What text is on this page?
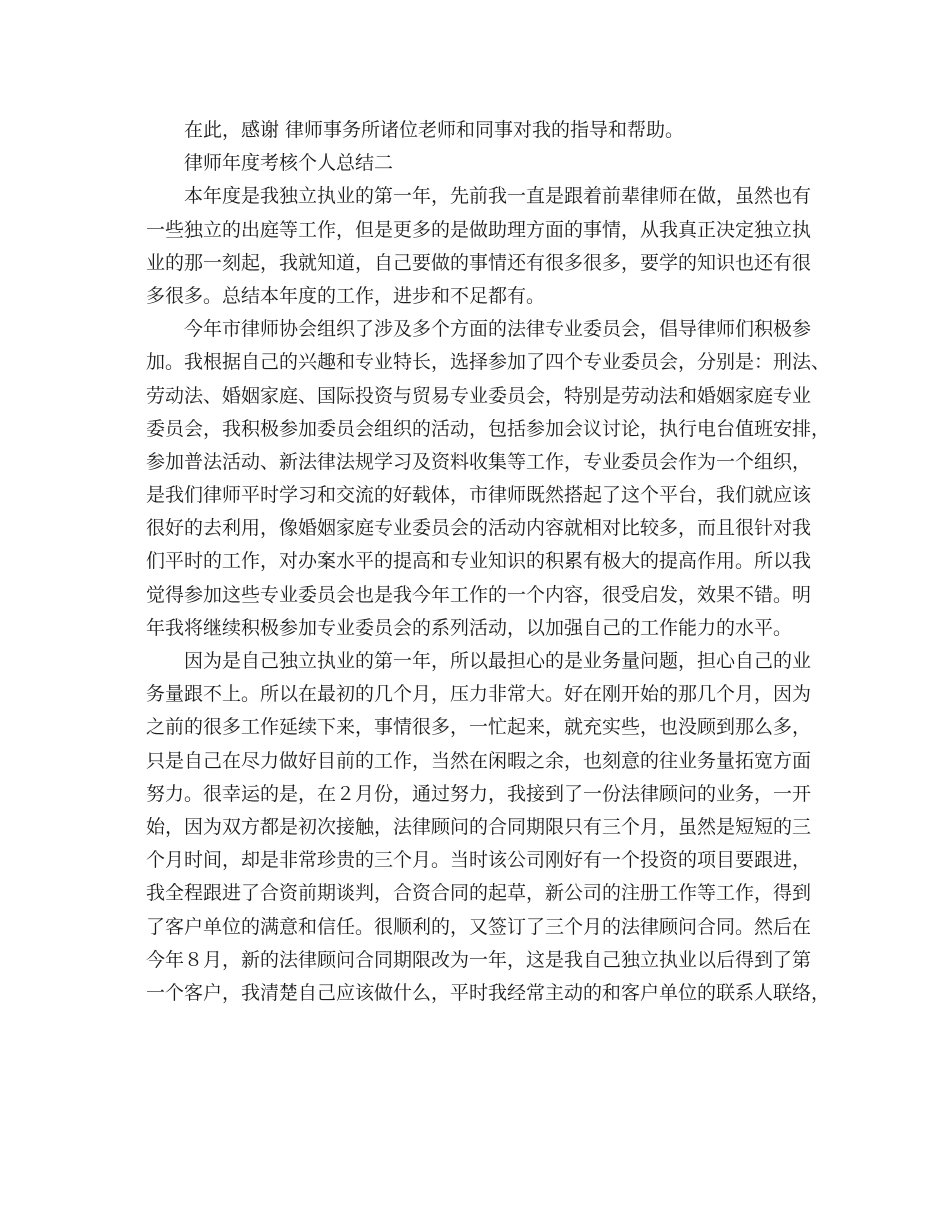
在此，感谢 律师事务所诸位老师和同事对我的指导和帮助。
律师年度考核个人总结二
本年度是我独立执业的第一年，先前我一直是跟着前辈律师在做，虽然也有
一些独立的出庭等工作，但是更多的是做助理方面的事情，从我真正决定独立执
业的那一刻起，我就知道，自己要做的事情还有很多很多，要学的知识也还有很
多很多。总结本年度的工作，进步和不足都有。
今年市律师协会组织了涉及多个方面的法律专业委员会，倡导律师们积极参
加。我根据自己的兴趣和专业特长，选择参加了四个专业委员会，分别是：刑法、
劳动法、婚姻家庭、国际投资与贸易专业委员会，特别是劳动法和婚姻家庭专业
委员会，我积极参加委员会组织的活动，包括参加会议讨论，执行电台值班安排，
参加普法活动、新法律法规学习及资料收集等工作，专业委员会作为一个组织，
是我们律师平时学习和交流的好载体，市律师既然搭起了这个平台，我们就应该
很好的去利用，像婚姻家庭专业委员会的活动内容就相对比较多，而且很针对我
们平时的工作，对办案水平的提高和专业知识的积累有极大的提高作用。所以我
觉得参加这些专业委员会也是我今年工作的一个内容，很受启发，效果不错。明
年我将继续积极参加专业委员会的系列活动，以加强自己的工作能力的水平。
因为是自己独立执业的第一年，所以最担心的是业务量问题，担心自己的业
务量跟不上。所以在最初的几个月，压力非常大。好在刚开始的那几个月，因为
之前的很多工作延续下来，事情很多，一忙起来，就充实些，也没顾到那么多，
只是自己在尽力做好目前的工作，当然在闲暇之余，也刻意的往业务量拓宽方面
努力。很幸运的是，在２月份，通过努力，我接到了一份法律顾问的业务，一开
始，因为双方都是初次接触，法律顾问的合同期限只有三个月，虽然是短短的三
个月时间，却是非常珍贵的三个月。当时该公司刚好有一个投资的项目要跟进，
我全程跟进了合资前期谈判，合资合同的起草，新公司的注册工作等工作，得到
了客户单位的满意和信任。很顺利的，又签订了三个月的法律顾问合同。然后在
今年８月，新的法律顾问合同期限改为一年，这是我自己独立执业以后得到了第
一个客户，我清楚自己应该做什么，平时我经常主动的和客户单位的联系人联络，
